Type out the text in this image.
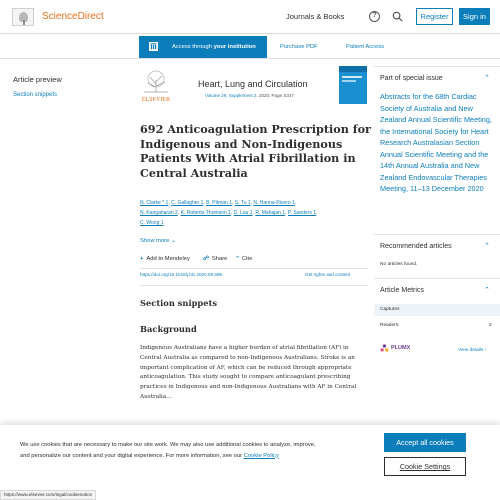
ScienceDirect	Journals & Books	?	Register	Sign in
Access through your institution	Purchase PDF	Patient Access
Article preview
Section snippets
ELSEVIER
Heart, Lung and Circulation
Volume 29, Supplement 2, 2020, Page S347
692 Anticoagulation Prescription for Indigenous and Non-Indigenous Patients With Atrial Fibrillation in Central Australia
N. Clarke * 1, C. Gallagher 1, B. Pitman 1, S. Tu 1, N. Hanna-Rivero 1,
N. Kangaharan 2, K. Roberts-Thomson 1, D. Lau 1, R. Mahajan 1, P. Sanders 1,
C. Wong 1
Show more ⌄
+ Add to Mendeley ☍ Share ” Cite
https://doi.org/10.1016/j.hlc.2020.09.699	Get rights and content
Section snippets
Background

Indigenous Australians have a higher burden of atrial fibrillation (AF) in Central Australia as compared to non-Indigenous Australians. Stroke is an important complication of AF, which can be reduced through appropriate anticoagulation. This study sought to compare anticoagulant prescribing practices in Indigenous and non-Indigenous Australians with AF in Central Australia…

Part of special issue	⌃
Abstracts for the 68th Cardiac Society of Australia and New Zealand Annual Scientific Meeting, the International Society for Heart Research Australasian Section Annual Scientific Meeting and the 14th Annual Australia and New Zealand Endovascular Therapies Meeting, 11–13 December 2020
Recommended articles	⌃
No articles found.
Article Metrics	⌃
Captures
Readers:	2
PLUMX	View details ›

We use cookies that are necessary to make our site work. We may also use additional cookies to analyze, improve, and personalize our content and your digital experience. For more information, see our Cookie Policy

Accept all cookies
Cookie Settings
https://www.elsevier.com/legal/cookienotice
